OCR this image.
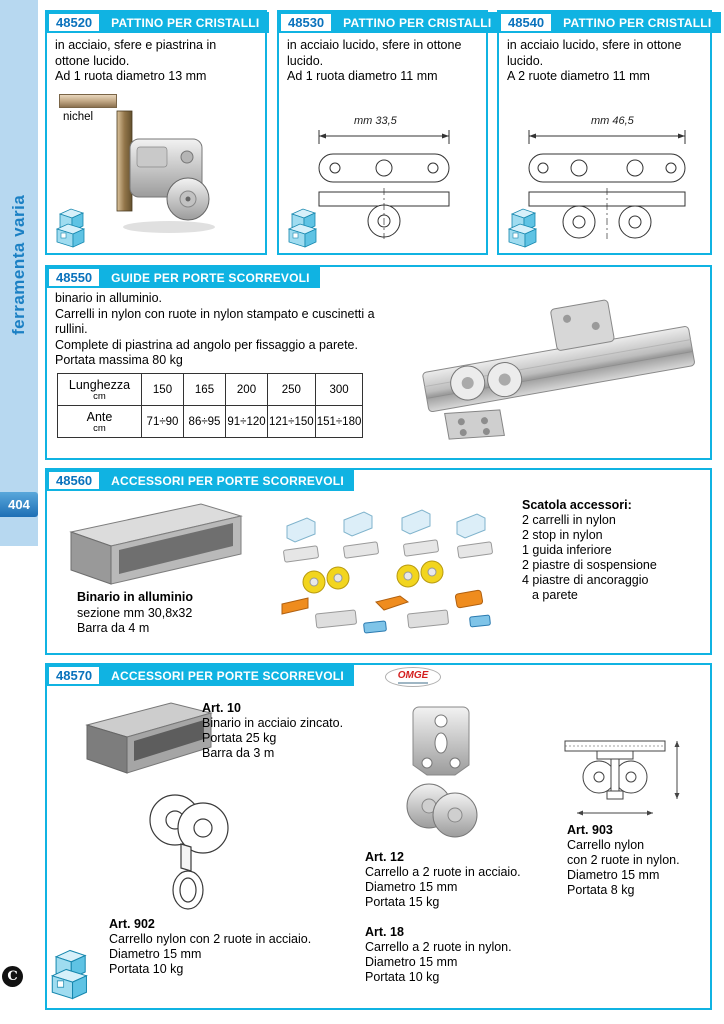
ferramenta varia
404
C
48520	PATTINO PER CRISTALLI
in acciaio, sfere e piastrina in
ottone lucido.
Ad 1 ruota diametro 13 mm
nichel
48530	PATTINO PER CRISTALLI
in acciaio lucido, sfere in ottone
lucido.
Ad 1 ruota diametro 11 mm
mm 33,5
48540	PATTINO PER CRISTALLI
in acciaio lucido, sfere in ottone
lucido.
A 2 ruote diametro 11 mm
mm 46,5
48550	GUIDE PER PORTE SCORREVOLI
binario in alluminio.
Carrelli in nylon con ruote in nylon stampato e cuscinetti a
rullini.
Complete di piastrina ad angolo per fissaggio a parete.
Portata massima 80 kg
Lunghezza
cm	150	165	200	250	300
Ante
cm	71÷90	86÷95	91÷120	121÷150	151÷180
48560	ACCESSORI PER PORTE SCORREVOLI
Binario in alluminio
sezione mm 30,8x32
Barra da 4 m
Scatola accessori:
2 carrelli in nylon
2 stop in nylon
1 guida inferiore
2 piastre di sospensione
4 piastre di ancoraggio
a parete
48570	ACCESSORI PER PORTE SCORREVOLI	OMGE
Art. 10
Binario in acciaio zincato.
Portata 25 kg
Barra da 3 m
Art. 903
Carrello nylon
con 2 ruote in nylon.
Diametro 15 mm
Portata 8 kg
Art. 902
Carrello nylon con 2 ruote in acciaio.
Diametro 15 mm
Portata 10 kg
Art. 12
Carrello a 2 ruote in acciaio.
Diametro 15 mm
Portata 15 kg
Art. 18
Carrello a 2 ruote in nylon.
Diametro 15 mm
Portata 10 kg
